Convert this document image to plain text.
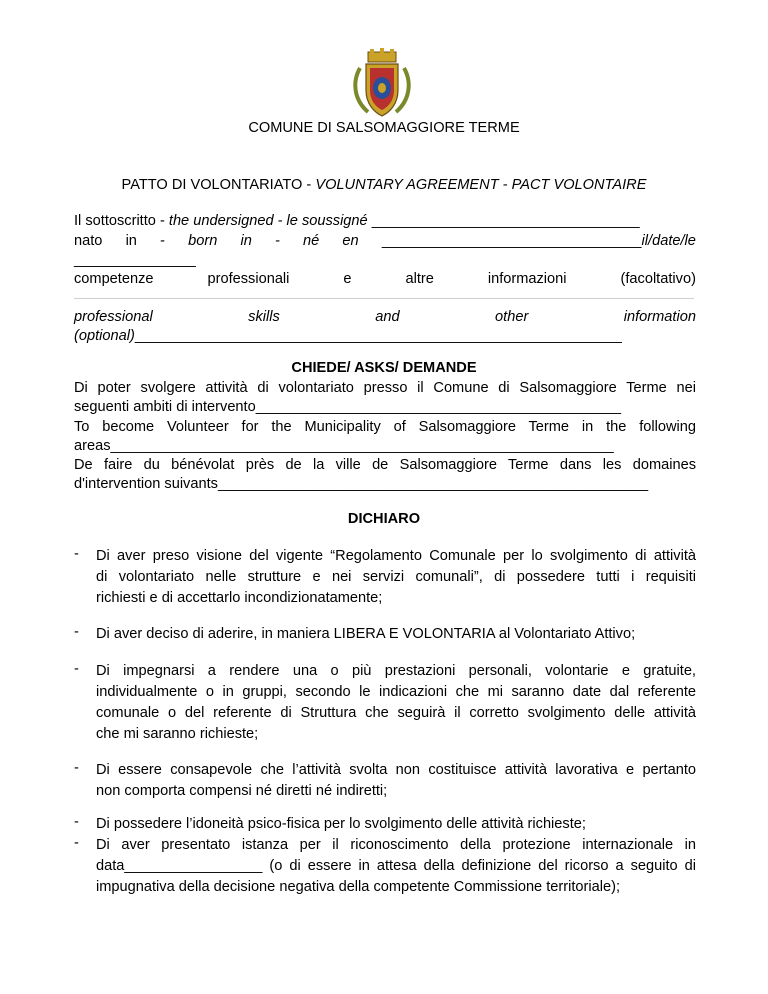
COMUNE DI SALSOMAGGIORE TERME
PATTO DI VOLONTARIATO - VOLUNTARY AGREEMENT - PACT VOLONTAIRE
Il sottoscritto - the undersigned - le soussigné _________________________________
nato in - born in - né en ________________________________il/date/le
_______________
competenze	professionali	e	altre	informazioni	(facoltativo)
professional	skills	and	other	information
(optional)____________________________________________________________
CHIEDE/ ASKS/ DEMANDE
Di poter svolgere attività di volontariato presso il Comune di Salsomaggiore Terme nei
seguenti ambiti di intervento_____________________________________________
To become Volunteer for the Municipality of Salsomaggiore Terme in the following
areas______________________________________________________________
De faire du bénévolat près de la ville de Salsomaggiore Terme dans les domaines
d'intervention suivants_____________________________________________________
DICHIARO
- Di aver preso visione del vigente “Regolamento Comunale per lo svolgimento di attività
di volontariato nelle strutture e nei servizi comunali”, di possedere tutti i requisiti
richiesti e di accettarlo incondizionatamente;
- Di aver deciso di aderire, in maniera LIBERA E VOLONTARIA al Volontariato Attivo;
- Di impegnarsi a rendere una o più prestazioni personali, volontarie e gratuite,
individualmente o in gruppi, secondo le indicazioni che mi saranno date dal referente
comunale o del referente di Struttura che seguirà il corretto svolgimento delle attività
che mi saranno richieste;
- Di essere consapevole che l’attività svolta non costituisce attività lavorativa e pertanto
non comporta compensi né diretti né indiretti;
- Di possedere l’idoneità psico-fisica per lo svolgimento delle attività richieste;
- Di aver presentato istanza per il riconoscimento della protezione internazionale in
data_________________ (o di essere in attesa della definizione del ricorso a seguito di
impugnativa della decisione negativa della competente Commissione territoriale);
